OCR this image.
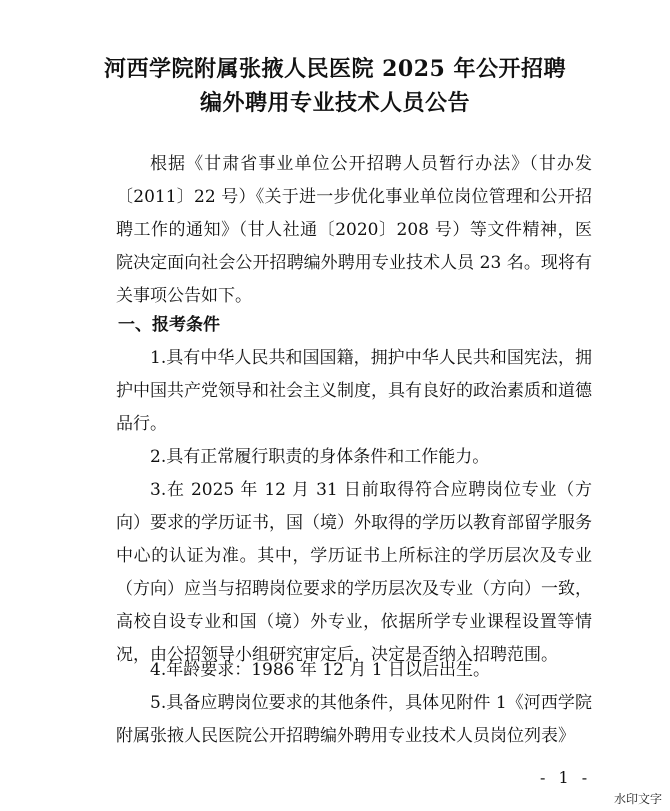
河西学院附属张掖人民医院 2025 年公开招聘
编外聘用专业技术人员公告
根据《甘肃省事业单位公开招聘人员暂行办法》（甘办发〔2011〕22 号）《关于进一步优化事业单位岗位管理和公开招聘工作的通知》（甘人社通〔2020〕208 号）等文件精神，医院决定面向社会公开招聘编外聘用专业技术人员 23 名。现将有关事项公告如下。
一、报考条件
1.具有中华人民共和国国籍，拥护中华人民共和国宪法，拥护中国共产党领导和社会主义制度，具有良好的政治素质和道德品行。
2.具有正常履行职责的身体条件和工作能力。
3.在 2025 年 12 月 31 日前取得符合应聘岗位专业（方向）要求的学历证书，国（境）外取得的学历以教育部留学服务中心的认证为准。其中，学历证书上所标注的学历层次及专业（方向）应当与招聘岗位要求的学历层次及专业（方向）一致，高校自设专业和国（境）外专业，依据所学专业课程设置等情况，由公招领导小组研究审定后，决定是否纳入招聘范围。
4.年龄要求：1986 年 12 月 1 日以后出生。
5.具备应聘岗位要求的其他条件，具体见附件 1《河西学院附属张掖人民医院公开招聘编外聘用专业技术人员岗位列表》
- 1 -
水印文字
